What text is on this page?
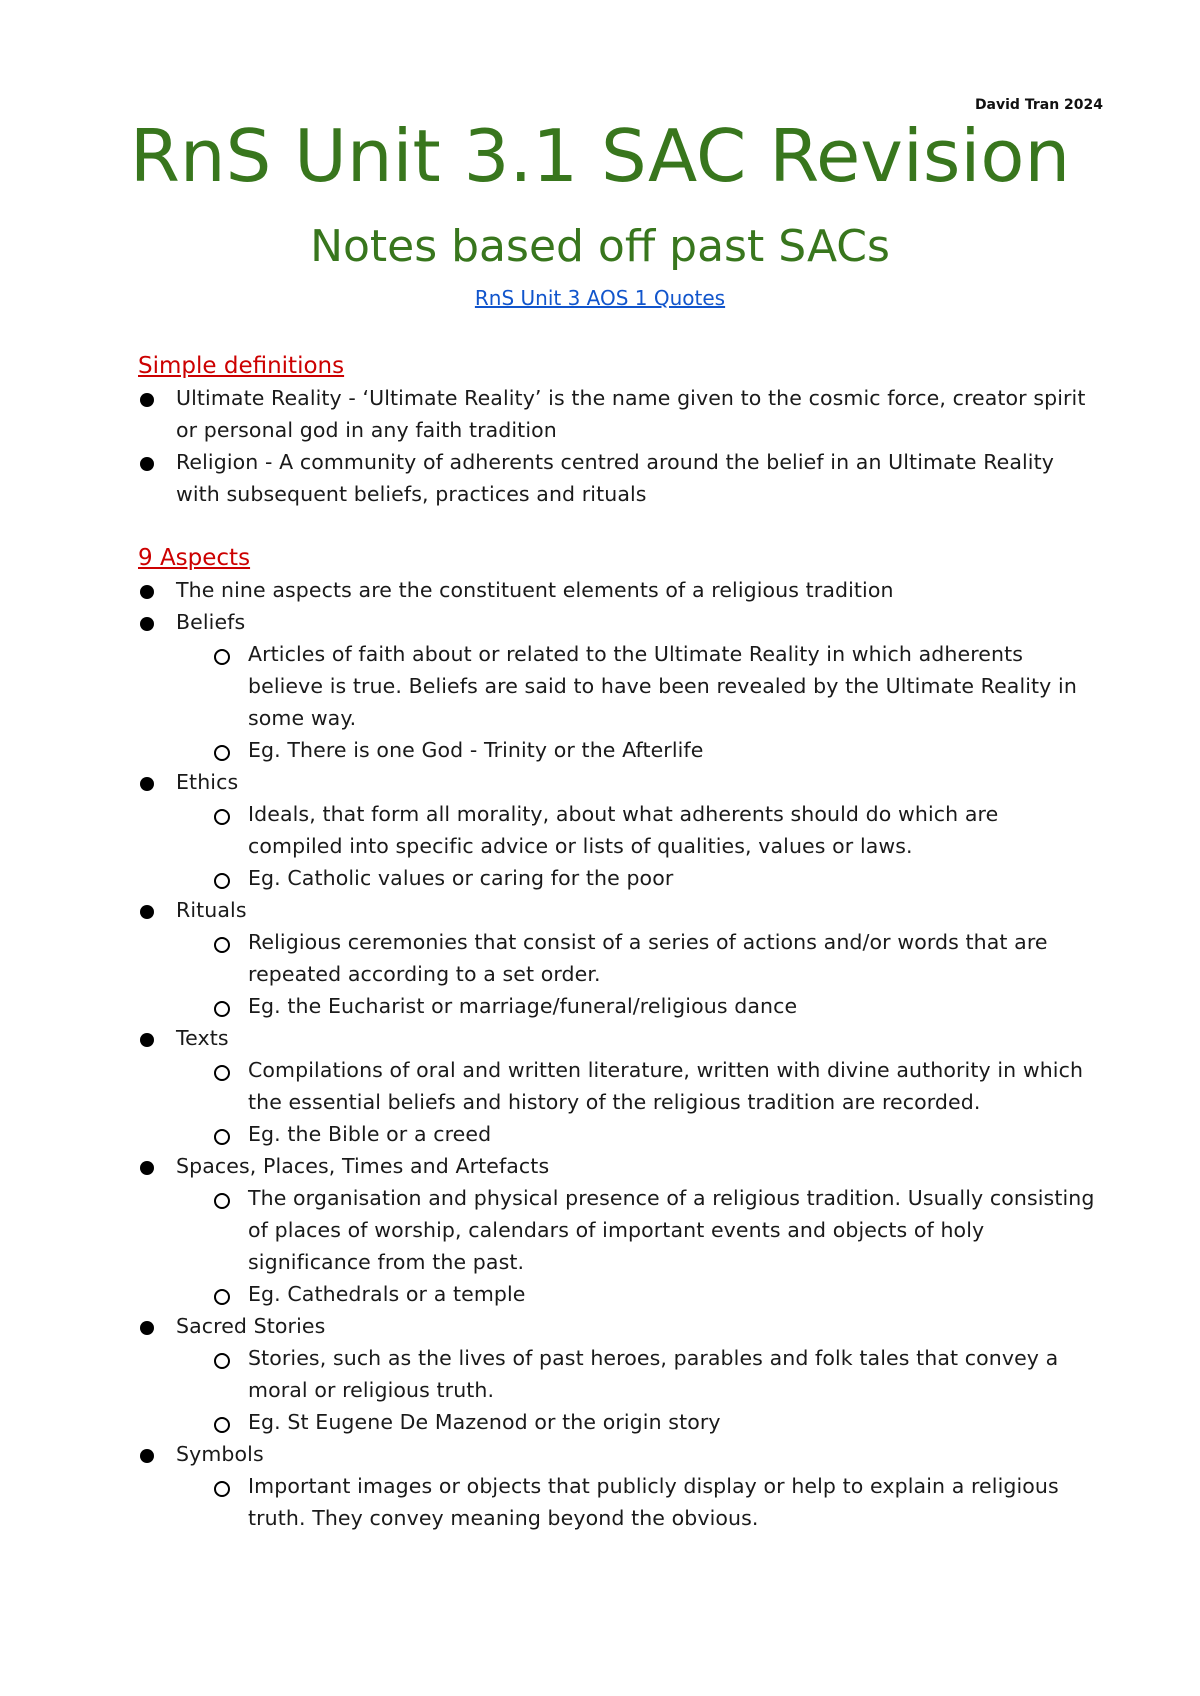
David Tran 2024
RnS Unit 3.1 SAC Revision
Notes based off past SACs
RnS Unit 3 AOS 1 Quotes
Simple definitions
Ultimate Reality - ‘Ultimate Reality’ is the name given to the cosmic force, creator spirit or personal god in any faith tradition
Religion - A community of adherents centred around the belief in an Ultimate Reality with subsequent beliefs, practices and rituals
9 Aspects
The nine aspects are the constituent elements of a religious tradition
Beliefs
Articles of faith about or related to the Ultimate Reality in which adherents believe is true. Beliefs are said to have been revealed by the Ultimate Reality in some way.
Eg. There is one God - Trinity or the Afterlife
Ethics
Ideals, that form all morality, about what adherents should do which are compiled into specific advice or lists of qualities, values or laws.
Eg. Catholic values or caring for the poor
Rituals
Religious ceremonies that consist of a series of actions and/or words that are repeated according to a set order.
Eg. the Eucharist or marriage/funeral/religious dance
Texts
Compilations of oral and written literature, written with divine authority in which the essential beliefs and history of the religious tradition are recorded.
Eg. the Bible or a creed
Spaces, Places, Times and Artefacts
The organisation and physical presence of a religious tradition. Usually consisting of places of worship, calendars of important events and objects of holy significance from the past.
Eg. Cathedrals or a temple
Sacred Stories
Stories, such as the lives of past heroes, parables and folk tales that convey a moral or religious truth.
Eg. St Eugene De Mazenod or the origin story
Symbols
Important images or objects that publicly display or help to explain a religious truth. They convey meaning beyond the obvious.
